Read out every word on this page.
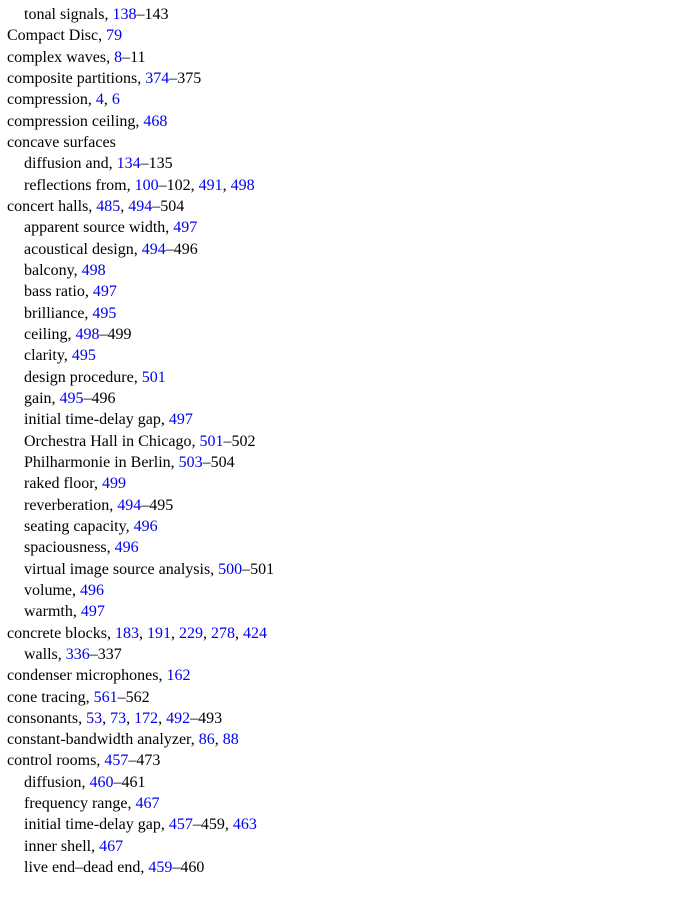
tonal signals, 138–143
Compact Disc, 79
complex waves, 8–11
composite partitions, 374–375
compression, 4, 6
compression ceiling, 468
concave surfaces
diffusion and, 134–135
reflections from, 100–102, 491, 498
concert halls, 485, 494–504
apparent source width, 497
acoustical design, 494–496
balcony, 498
bass ratio, 497
brilliance, 495
ceiling, 498–499
clarity, 495
design procedure, 501
gain, 495–496
initial time-delay gap, 497
Orchestra Hall in Chicago, 501–502
Philharmonie in Berlin, 503–504
raked floor, 499
reverberation, 494–495
seating capacity, 496
spaciousness, 496
virtual image source analysis, 500–501
volume, 496
warmth, 497
concrete blocks, 183, 191, 229, 278, 424
walls, 336–337
condenser microphones, 162
cone tracing, 561–562
consonants, 53, 73, 172, 492–493
constant-bandwidth analyzer, 86, 88
control rooms, 457–473
diffusion, 460–461
frequency range, 467
initial time-delay gap, 457–459, 463
inner shell, 467
live end–dead end, 459–460
